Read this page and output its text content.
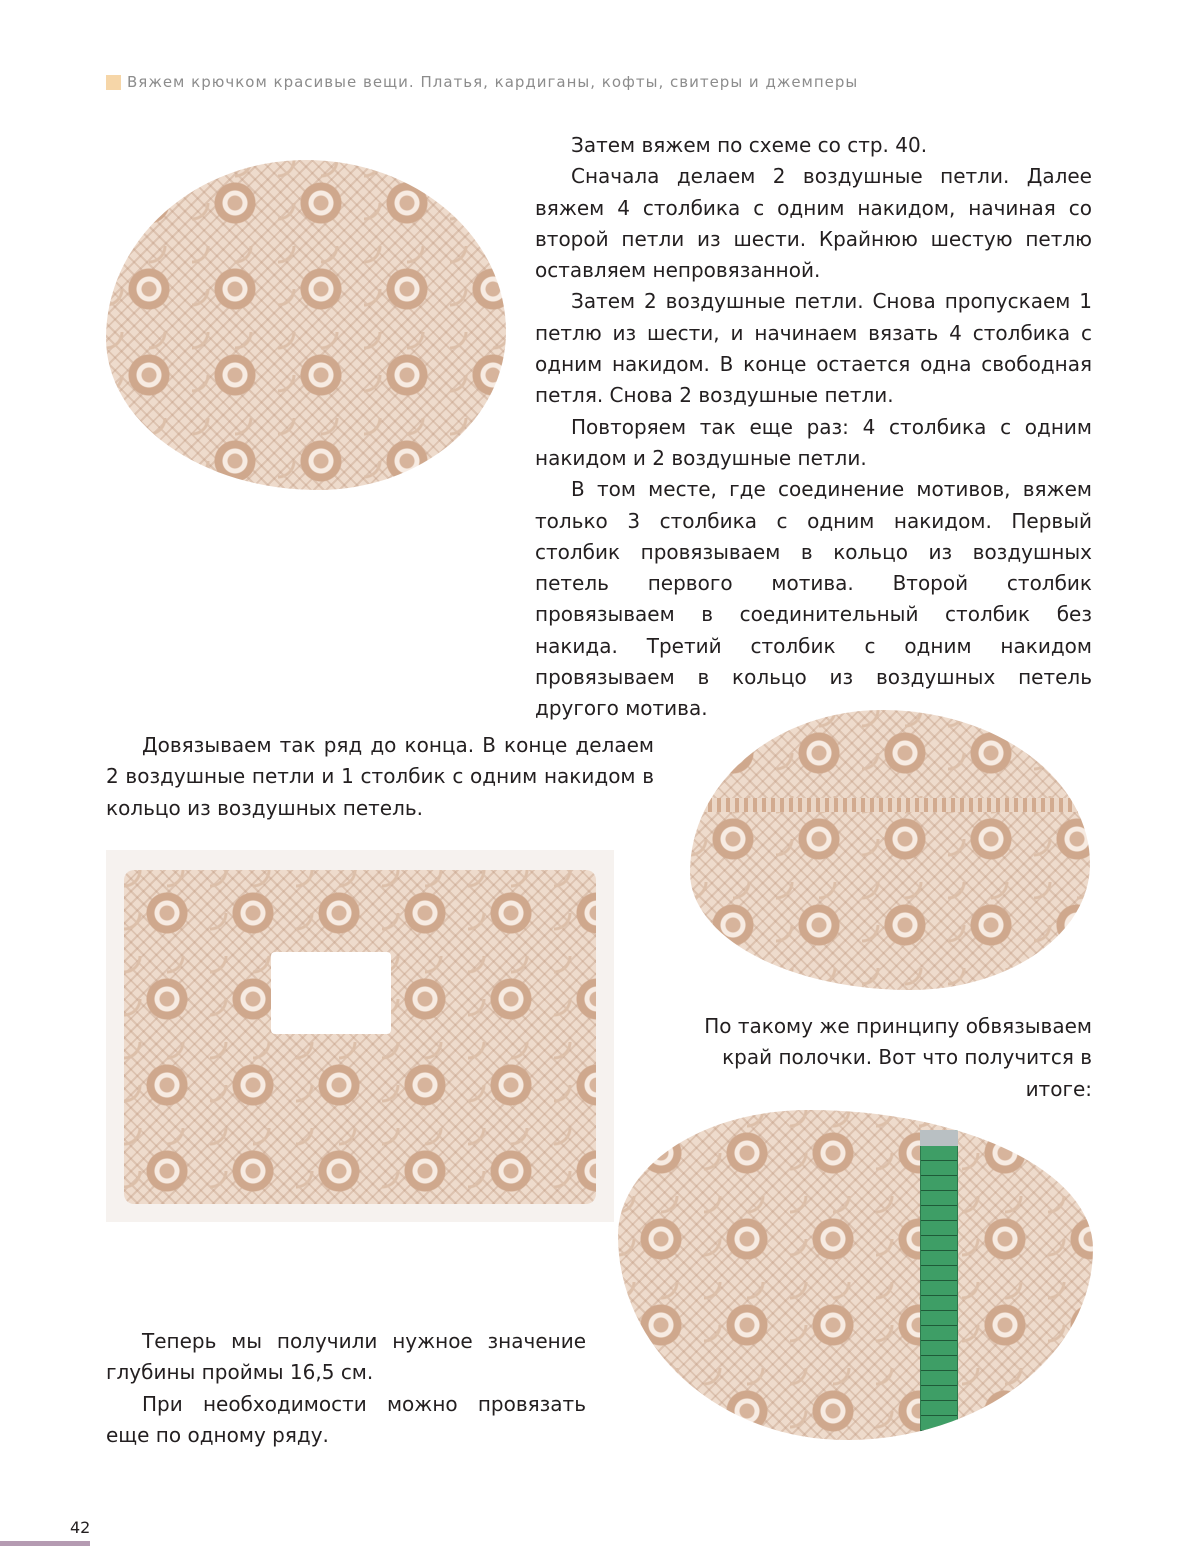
Вяжем крючком красивые вещи. Платья, кардиганы, кофты, свитеры и джемперы

Затем вяжем по схеме со стр. 40.

Сначала делаем 2 воздушные петли. Далее вяжем 4 столбика с одним накидом, начиная со второй петли из шести. Крайнюю шестую петлю оставляем непровязанной.

Затем 2 воздушные петли. Снова пропускаем 1 петлю из шести, и начинаем вязать 4 столбика с одним накидом. В конце остается одна свободная петля. Снова 2 воздушные петли.

Повторяем так еще раз: 4 столбика с одним накидом и 2 воздушные петли.

В том месте, где соединение мотивов, вяжем только 3 столбика с одним накидом. Первый столбик провязываем в кольцо из воздушных петель первого мотива. Второй столбик провязываем в соединительный столбик без накида. Третий столбик с одним накидом провязываем в кольцо из воздушных петель другого мотива.

Довязываем так ряд до конца. В конце делаем 2 воздушные петли и 1 столбик с одним накидом в кольцо из воздушных петель.

По такому же принципу обвязываем край полочки. Вот что получится в итоге:

Теперь мы получили нужное значение глубины проймы 16,5 см.

При необходимости можно провязать еще по одному ряду.

42
